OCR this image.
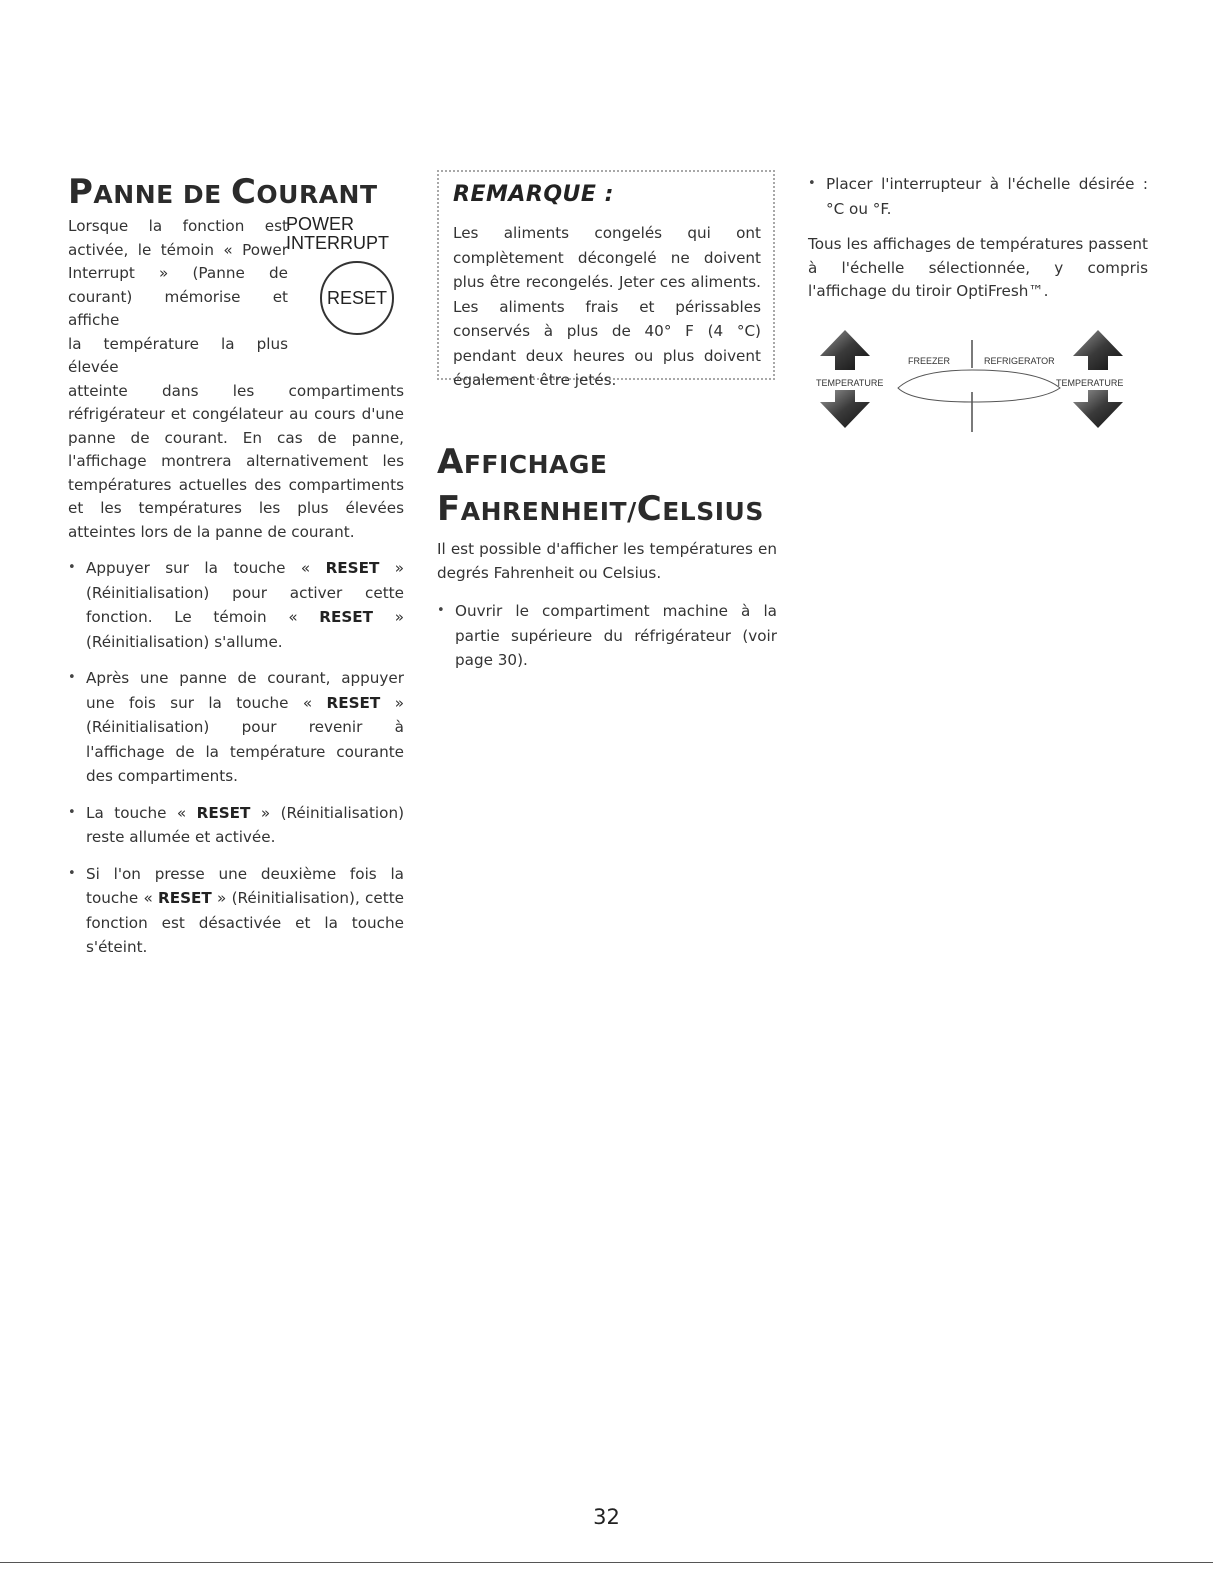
PANNE DE COURANT
POWER INTERRUPT
RESET
Lorsque la fonction est
activée, le témoin « Power
Interrupt » (Panne de
courant) mémorise et affiche
la température la plus élevée

atteinte dans les compartiments réfrigérateur et congélateur au cours d'une panne de courant. En cas de panne, l'affichage montrera alternativement les températures actuelles des compartiments et les températures les plus élevées atteintes lors de la panne de courant.

• Appuyer sur la touche « RESET » (Réinitialisation) pour activer cette fonction. Le témoin « RESET » (Réinitialisation) s'allume.
• Après une panne de courant, appuyer une fois sur la touche « RESET » (Réinitialisation) pour revenir à l'affichage de la température courante des compartiments.
• La touche « RESET » (Réinitialisation) reste allumée et activée.
• Si l'on presse une deuxième fois la touche « RESET » (Réinitialisation), cette fonction est désactivée et la touche s'éteint.
REMARQUE :
Les aliments congelés qui ont complètement décongelé ne doivent plus être recongelés. Jeter ces aliments. Les aliments frais et périssables conservés à plus de 40° F (4 °C) pendant deux heures ou plus doivent également être jetés.
AFFICHAGE
FAHRENHEIT/CELSIUS

Il est possible d'afficher les températures en degrés Fahrenheit ou Celsius.

• Ouvrir le compartiment machine à la partie supérieure du réfrigérateur (voir page 30).
• Placer l'interrupteur à l'échelle désirée : °C ou °F.

Tous les affichages de températures passent à l'échelle sélectionnée, y compris l'affichage du tiroir OptiFresh™.

TEMPERATURE	TEMPERATURE
FREEZER	REFRIGERATOR
32
